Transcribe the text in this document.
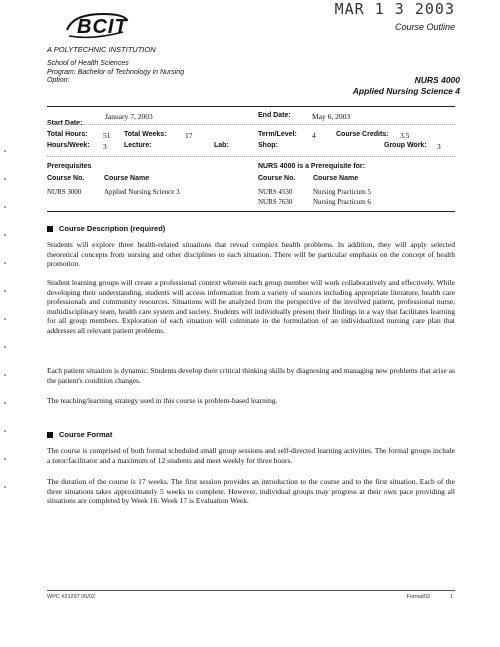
BCIT
MAR 1 3 2003
Course Outline
A POLYTECHNIC INSTITUTION
School of Health Sciences
Program: Bachelor of Technology in Nursing
Option:	NURS 4000
Applied Nursing Science 4
Start Date:
January 7, 2003	End Date:	May 6, 2003
Total Hours: 51 Total Weeks: 17	Term/Level: 4	Course Credits: 3.5
Hours/Week: 3 Lecture:	Lab:	Shop:	Group Work: 3
Prerequisites
Course No.	Course Name
NURS 3000	Applied Nursing Science 3
NURS 4000 is a Prerequisite for:
Course No.	Course Name
NURS 4530	Nursing Practicum 5
NURS 7630	Nursing Practicum 6
Course Description (required)
Students will explore three health-related situations that reveal complex health problems. In addition, they will apply selected theoretical concepts from nursing and other disciplines to each situation. There will be particular emphasis on the concept of health promotion.
Student learning groups will create a professional context wherein each group member will work collaboratively and effectively. While developing their understanding, students will access information from a variety of sources including appropriate literature, health care professionals and community resources. Situations will be analyzed from the perspective of the involved patient, professional nurse, multidisciplinary team, health care system and society. Students will individually present their findings in a way that facilitates learning for all group members. Exploration of each situation will culminate in the formulation of an individualized nursing care plan that addresses all relevant patient problems.
Each patient situation is dynamic. Students develop their critical thinking skills by diagnosing and managing new problems that arise as the patient's condition changes.
The teaching/learning strategy used in this course is problem-based learning.
Course Format
The course is comprised of both formal scheduled small group sessions and self-directed learning activities. The formal groups include a tutor/facilitator and a maximum of 12 students and meet weekly for three hours.
The duration of the course is 17 weeks. The first session provides an introduction to the course and to the first situation. Each of the three situations takes approximately 5 weeks to complete. However, individual groups may progress at their own pace providing all situations are completed by Week 16. Week 17 is Evaluation Week.
WPC #21297 05/02	Format02	1
